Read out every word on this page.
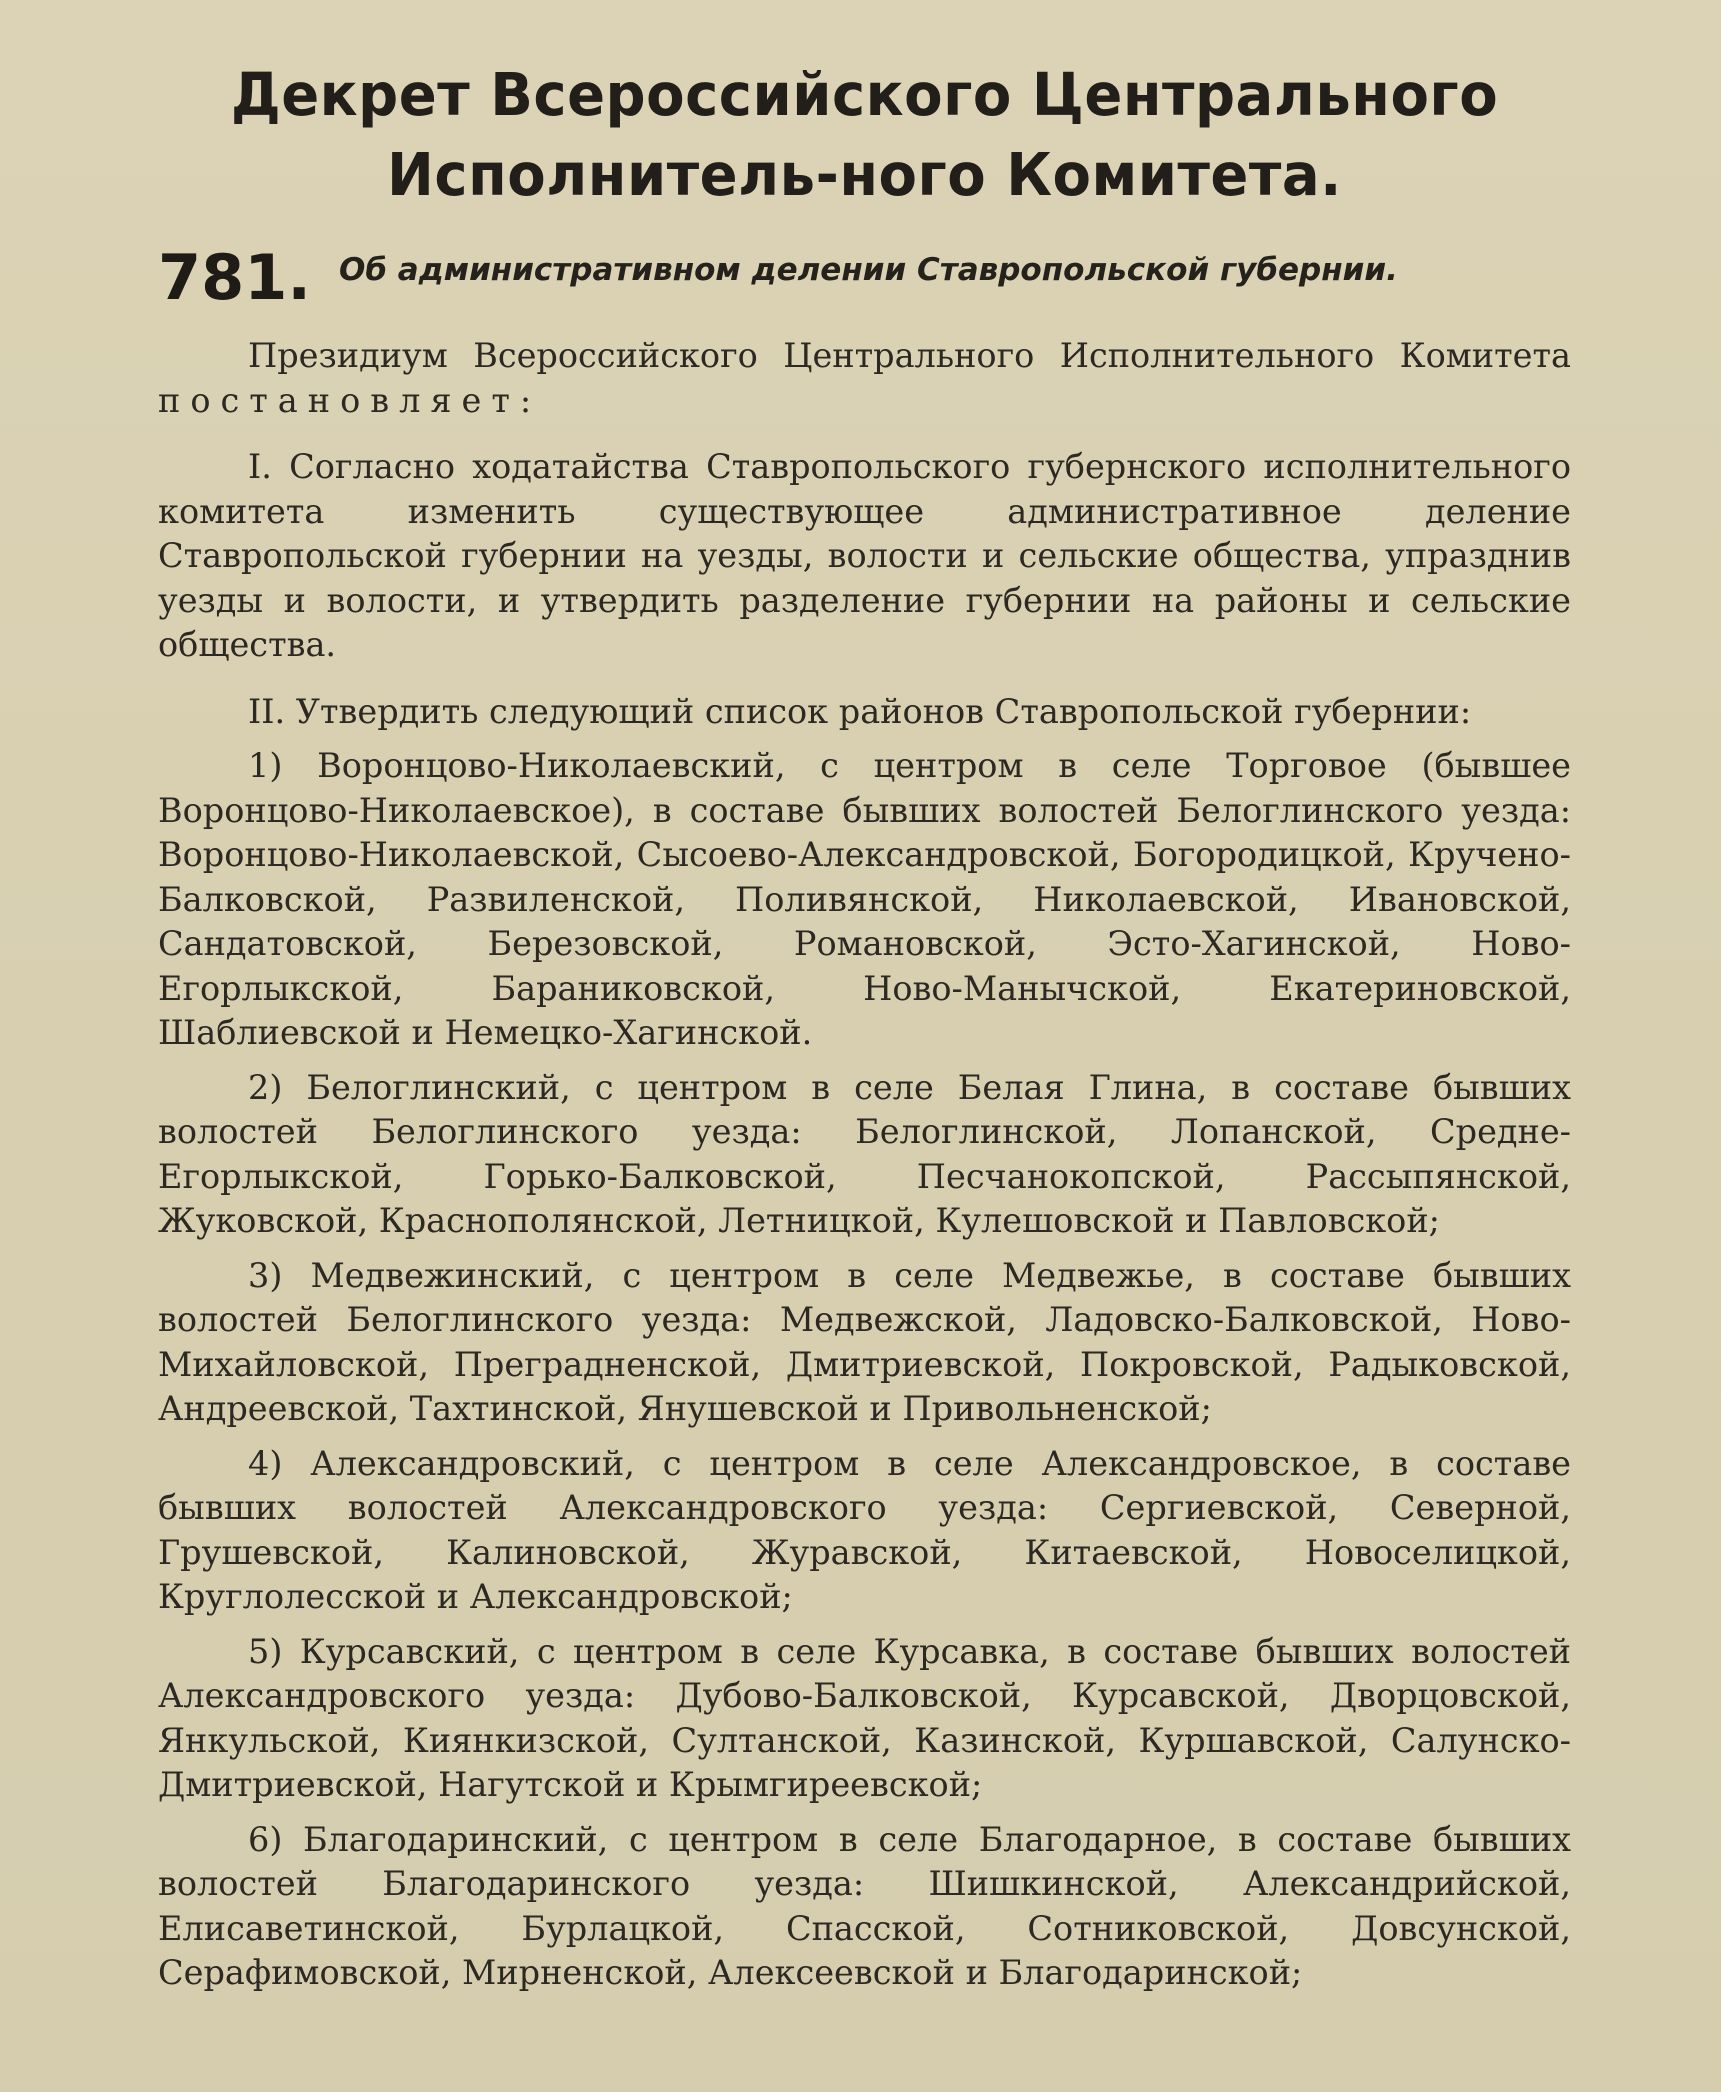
Декрет Всероссийского Центрального Исполнитель-ного Комитета.
781. Об административном делении Ставропольской губернии.

Президиум Всероссийского Центрального Исполнительного Комитета постановляет:

I. Согласно ходатайства Ставропольского губернского исполнительного комитета изменить существующее административное деление Ставропольской губернии на уезды, волости и сельские общества, упразднив уезды и волости, и утвердить разделение губернии на районы и сельские общества.

II. Утвердить следующий список районов Ставропольской губернии:

1) Воронцово-Николаевский, с центром в селе Торговое (бывшее Воронцово-Николаевское), в составе бывших волостей Белоглинского уезда: Воронцово-Николаевской, Сысоево-Александровской, Богородицкой, Кручено-Балковской, Развиленской, Поливянской, Николаевской, Ивановской, Сандатовской, Березовской, Романовской, Эсто-Хагинской, Ново-Егорлыкской, Бараниковской, Ново-Манычской, Екатериновской, Шаблиевской и Немецко-Хагинской.

2) Белоглинский, с центром в селе Белая Глина, в составе бывших волостей Белоглинского уезда: Белоглинской, Лопанской, Средне-Егорлыкской, Горько-Балковской, Песчанокопской, Рассыпянской, Жуковской, Краснополянской, Летницкой, Кулешовской и Павловской;

3) Медвежинский, с центром в селе Медвежье, в составе бывших волостей Белоглинского уезда: Медвежской, Ладовско-Балковской, Ново-Михайловской, Преградненской, Дмитриевской, Покровской, Радыковской, Андреевской, Тахтинской, Янушевской и Привольненской;

4) Александровский, с центром в селе Александровское, в составе бывших волостей Александровского уезда: Сергиевской, Северной, Грушевской, Калиновской, Журавской, Китаевской, Новоселицкой, Круглолесской и Александровской;

5) Курсавский, с центром в селе Курсавка, в составе бывших волостей Александровского уезда: Дубово-Балковской, Курсавской, Дворцовской, Янкульской, Киянкизской, Султанской, Казинской, Куршавской, Салунско-Дмитриевской, Нагутской и Крымгиреевской;

6) Благодаринский, с центром в селе Благодарное, в составе бывших волостей Благодаринского уезда: Шишкинской, Александрийской, Елисаветинской, Бурлацкой, Спасской, Сотниковской, Довсунской, Серафимовской, Мирненской, Алексеевской и Благодаринской;
